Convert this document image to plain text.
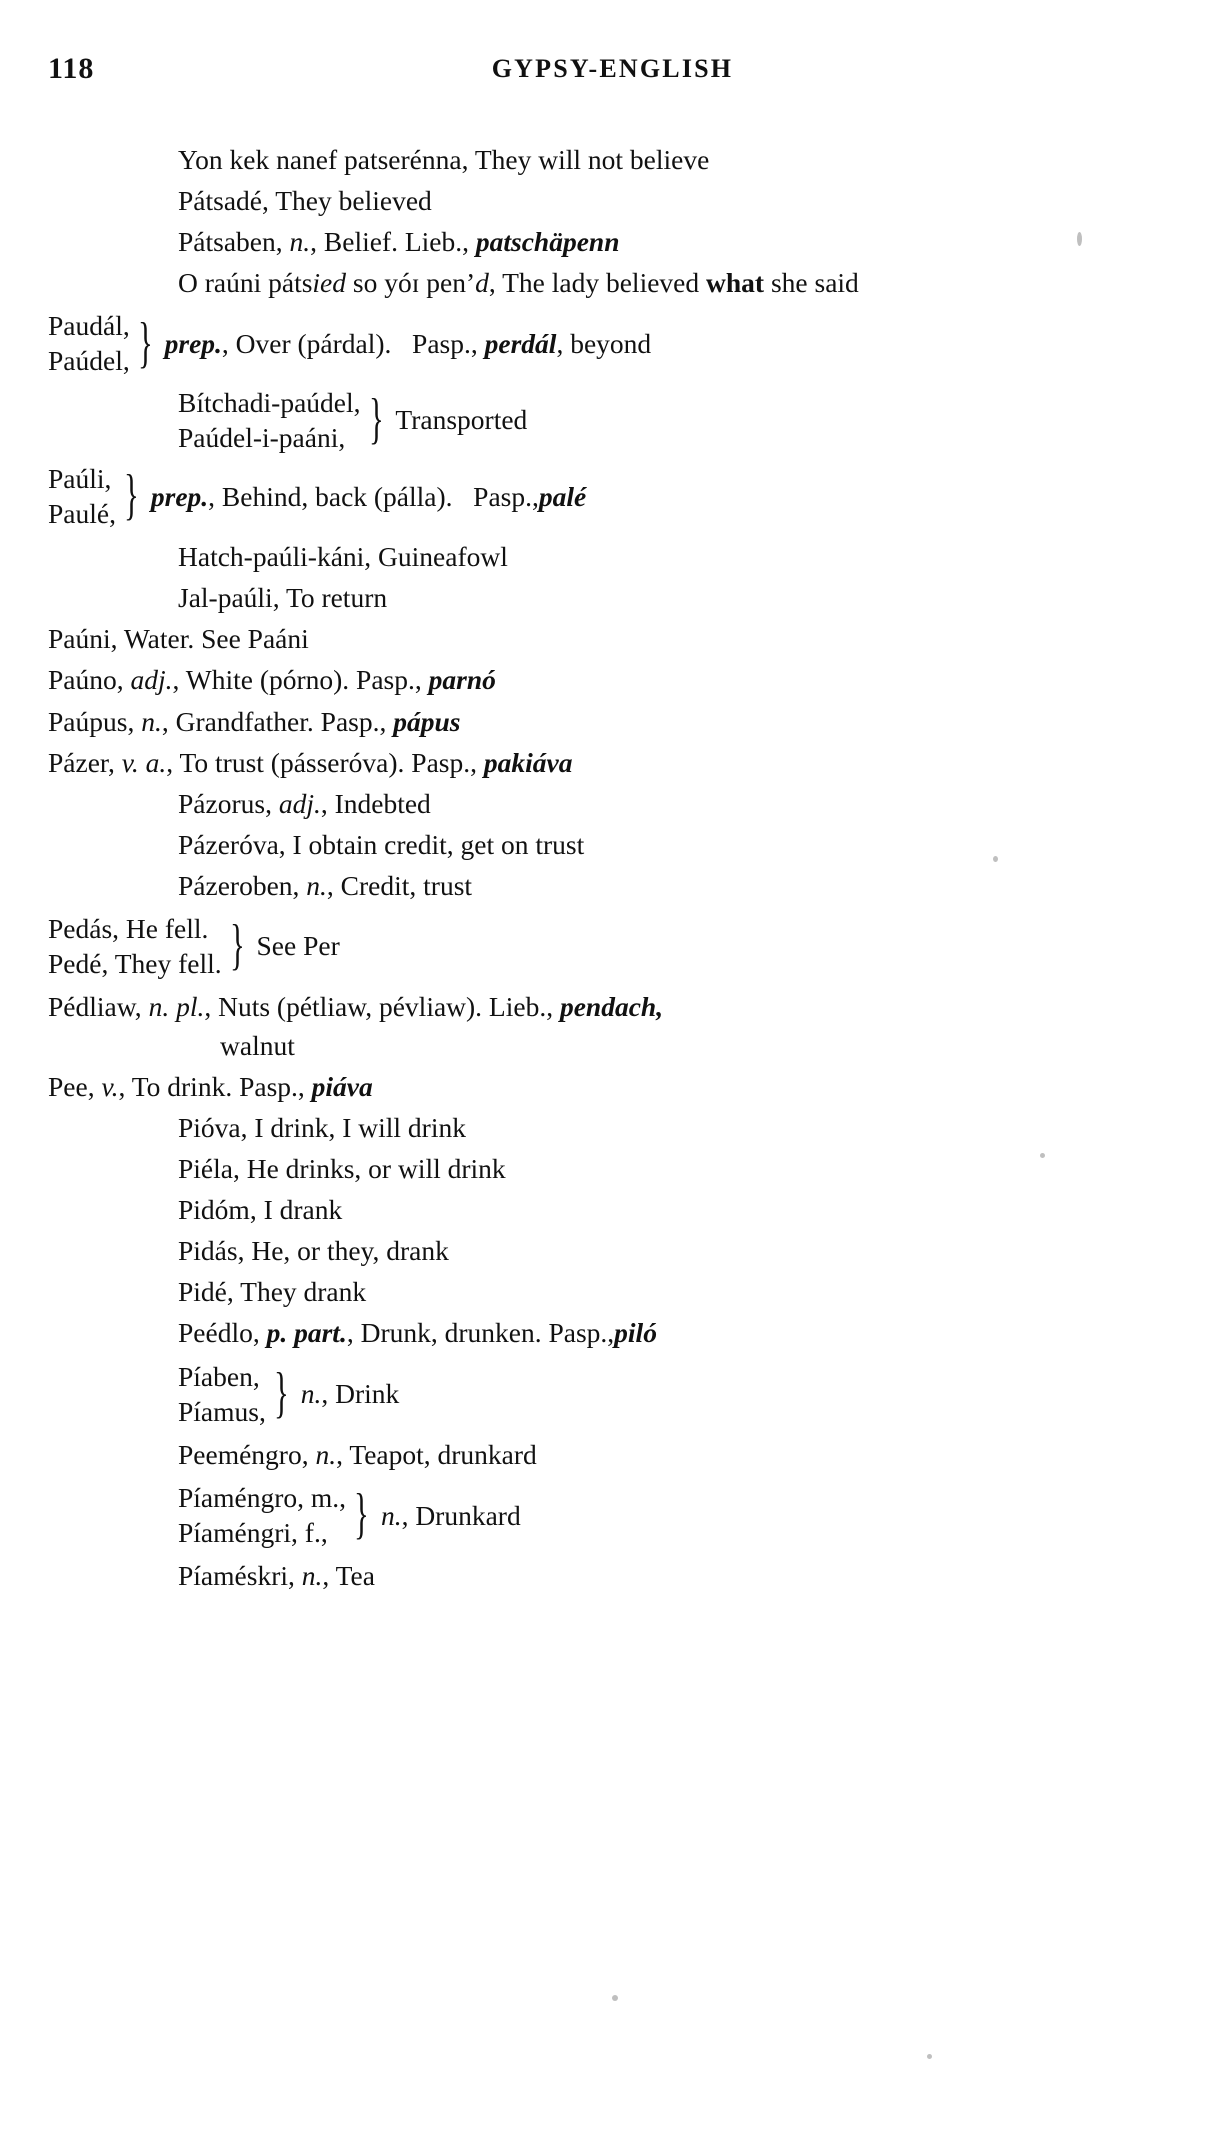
118	GYPSY-ENGLISH
Yon kek nanef patserénna, They will not believe
Pátsadé, They believed
Pátsaben, n., Belief. Lieb., patschäpenn
O raúni pátsied so yóɪ pen’d, The lady believed what she said
Paudál,
Paúdel, } prep., Over (párdal).   Pasp., perdál, beyond
Bítchadi-paúdel,
Paúdel-i-paáni, } Transported
Paúli,
Paulé, } prep., Behind, back (pálla).   Pasp.,palé
Hatch-paúli-káni, Guineafowl
Jal-paúli, To return
Paúni, Water. See Paáni
Paúno, adj., White (pórno). Pasp., parnó
Paúpus, n., Grandfather. Pasp., pápus
Pázer, v. a., To trust (pásseróva). Pasp., pakiáva
Pázorus, adj., Indebted
Pázeróva, I obtain credit, get on trust
Pázeroben, n., Credit, trust
Pedás, He fell.
Pedé, They fell. } See Per
Pédliaw, n. pl., Nuts (pétliaw, pévliaw). Lieb., pendach,
walnut
Pee, v., To drink. Pasp., piáva
Pióva, I drink, I will drink
Piéla, He drinks, or will drink
Pidóm, I drank
Pidás, He, or they, drank
Pidé, They drank
Peédlo, p. part., Drunk, drunken. Pasp.,piló
Píaben,
Píamus, } n., Drink
Peeméngro, n., Teapot, drunkard
Píaméngro, m.,
Píaméngri, f., } n., Drunkard
Píaméskri, n., Tea
